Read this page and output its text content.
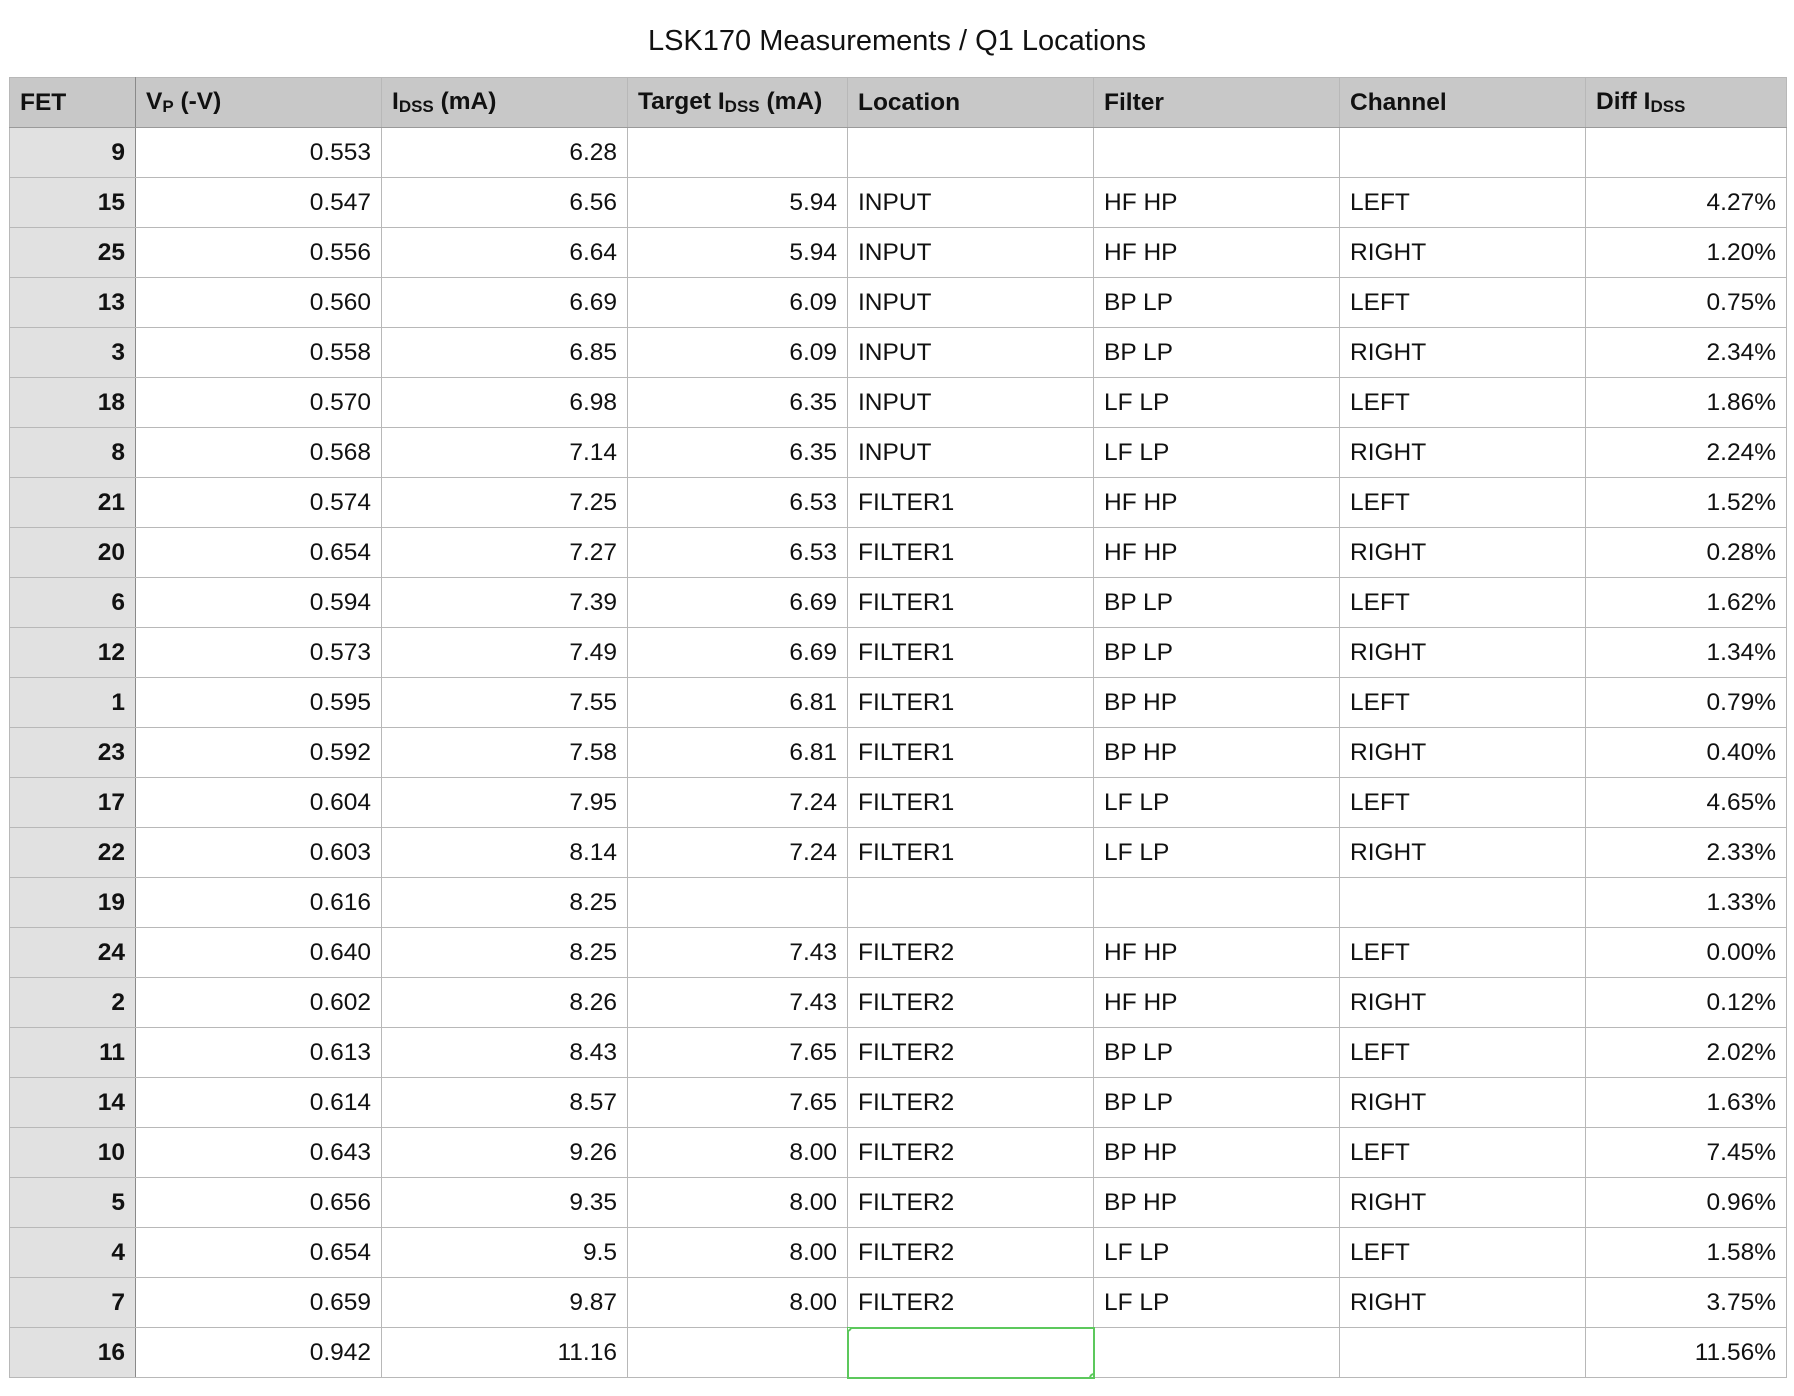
LSK170 Measurements / Q1 Locations
FET	$V_P$ (-V)	$I_{DSS}$ (mA)	Target $I_{DSS}$ (mA)	Location	Filter	Channel	Diff $I_{DSS}$
9	0.553	6.28					
15	0.547	6.56	5.94	INPUT	HF HP	LEFT	4.27%
25	0.556	6.64	5.94	INPUT	HF HP	RIGHT	1.20%
13	0.560	6.69	6.09	INPUT	BP LP	LEFT	0.75%
3	0.558	6.85	6.09	INPUT	BP LP	RIGHT	2.34%
18	0.570	6.98	6.35	INPUT	LF LP	LEFT	1.86%
8	0.568	7.14	6.35	INPUT	LF LP	RIGHT	2.24%
21	0.574	7.25	6.53	FILTER1	HF HP	LEFT	1.52%
20	0.654	7.27	6.53	FILTER1	HF HP	RIGHT	0.28%
6	0.594	7.39	6.69	FILTER1	BP LP	LEFT	1.62%
12	0.573	7.49	6.69	FILTER1	BP LP	RIGHT	1.34%
1	0.595	7.55	6.81	FILTER1	BP HP	LEFT	0.79%
23	0.592	7.58	6.81	FILTER1	BP HP	RIGHT	0.40%
17	0.604	7.95	7.24	FILTER1	LF LP	LEFT	4.65%
22	0.603	8.14	7.24	FILTER1	LF LP	RIGHT	2.33%
19	0.616	8.25					1.33%
24	0.640	8.25	7.43	FILTER2	HF HP	LEFT	0.00%
2	0.602	8.26	7.43	FILTER2	HF HP	RIGHT	0.12%
11	0.613	8.43	7.65	FILTER2	BP LP	LEFT	2.02%
14	0.614	8.57	7.65	FILTER2	BP LP	RIGHT	1.63%
10	0.643	9.26	8.00	FILTER2	BP HP	LEFT	7.45%
5	0.656	9.35	8.00	FILTER2	BP HP	RIGHT	0.96%
4	0.654	9.5	8.00	FILTER2	LF LP	LEFT	1.58%
7	0.659	9.87	8.00	FILTER2	LF LP	RIGHT	3.75%
16	0.942	11.16					11.56%
